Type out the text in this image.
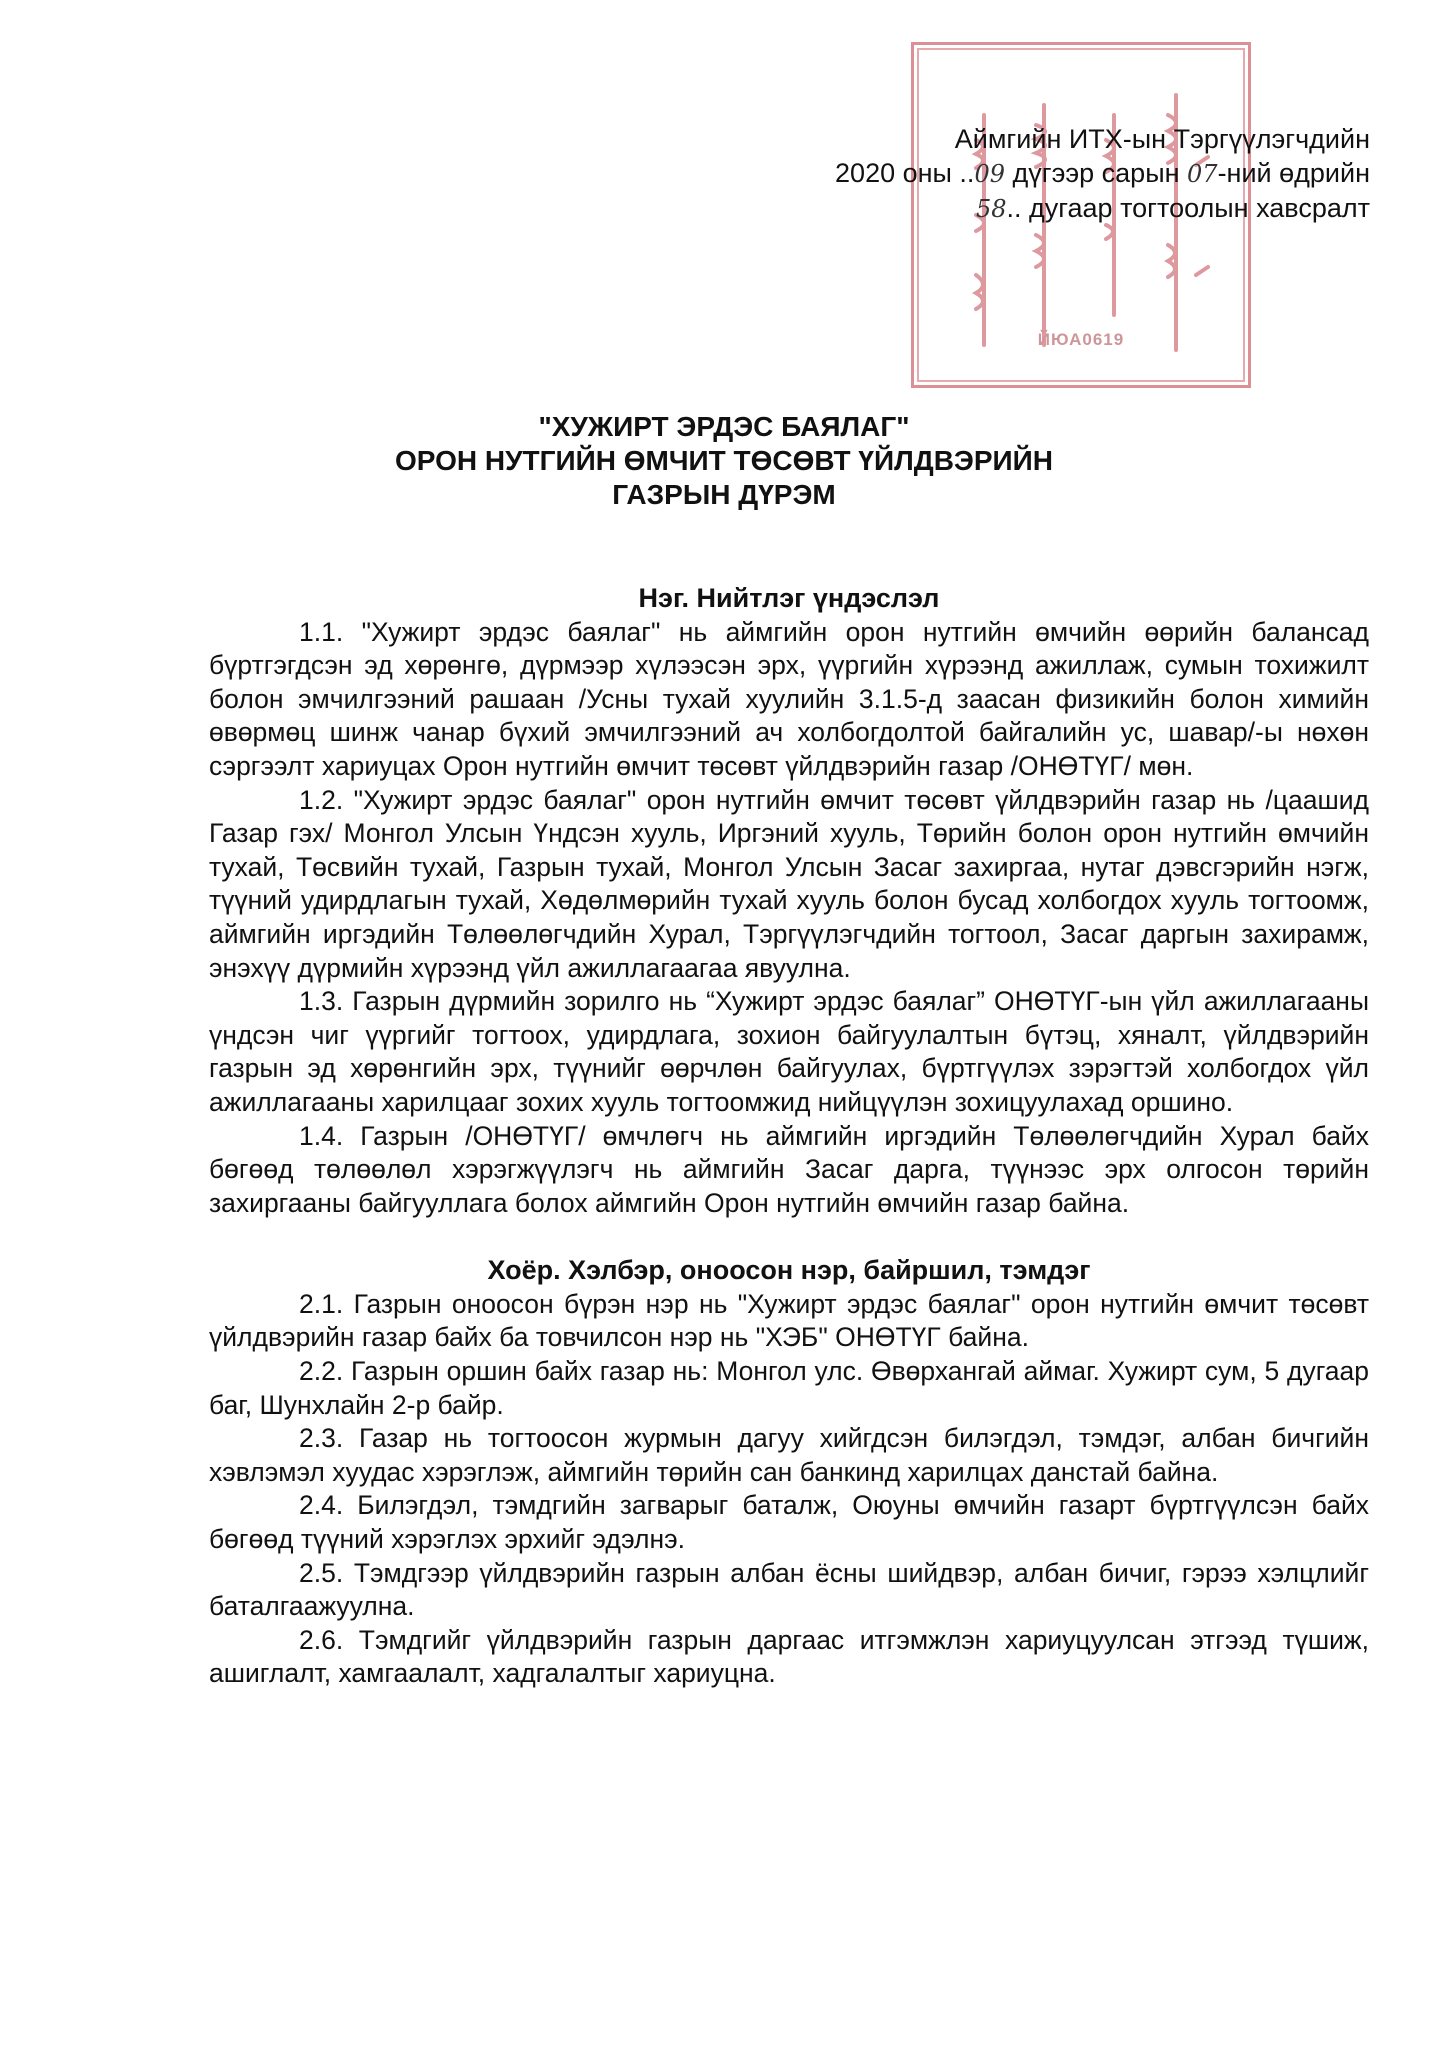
ЙЮА0619
Аймгийн ИТХ-ын Тэргүүлэгчдийн
2020 оны ..09 дүгээр сарын 07-ний өдрийн
58.. дугаар тогтоолын хавсралт
"ХУЖИРТ ЭРДЭС БАЯЛАГ"
ОРОН НУТГИЙН ӨМЧИТ ТӨСӨВТ ҮЙЛДВЭРИЙН
ГАЗРЫН ДҮРЭМ
Нэг. Нийтлэг үндэслэл

1.1. "Хужирт эрдэс баялаг" нь аймгийн орон нутгийн өмчийн өөрийн балансад бүртгэгдсэн эд хөрөнгө, дүрмээр хүлээсэн эрх, үүргийн хүрээнд ажиллаж, сумын тохижилт болон эмчилгээний рашаан /Усны тухай хуулийн 3.1.5-д заасан физикийн болон химийн өвөрмөц шинж чанар бүхий эмчилгээний ач холбогдолтой байгалийн ус, шавар/-ы нөхөн сэргээлт хариуцах Орон нутгийн өмчит төсөвт үйлдвэрийн газар /ОНӨТҮГ/ мөн.

1.2. "Хужирт эрдэс баялаг" орон нутгийн өмчит төсөвт үйлдвэрийн газар нь /цаашид Газар гэх/ Монгол Улсын Үндсэн хууль, Иргэний хууль, Төрийн болон орон нутгийн өмчийн тухай, Төсвийн тухай, Газрын тухай, Монгол Улсын Засаг захиргаа, нутаг дэвсгэрийн нэгж, түүний удирдлагын тухай, Хөдөлмөрийн тухай хууль болон бусад холбогдох хууль тогтоомж, аймгийн иргэдийн Төлөөлөгчдийн Хурал, Тэргүүлэгчдийн тогтоол, Засаг даргын захирамж, энэхүү дүрмийн хүрээнд үйл ажиллагаагаа явуулна.

1.3. Газрын дүрмийн зорилго нь “Хужирт эрдэс баялаг” ОНӨТҮГ-ын үйл ажиллагааны үндсэн чиг үүргийг тогтоох, удирдлага, зохион байгуулалтын бүтэц, хяналт, үйлдвэрийн газрын эд хөрөнгийн эрх, түүнийг өөрчлөн байгуулах, бүртгүүлэх зэрэгтэй холбогдох үйл ажиллагааны харилцааг зохих хууль тогтоомжид нийцүүлэн зохицуулахад оршино.

1.4. Газрын /ОНӨТҮГ/ өмчлөгч нь аймгийн иргэдийн Төлөөлөгчдийн Хурал байх бөгөөд төлөөлөл хэрэгжүүлэгч нь аймгийн Засаг дарга, түүнээс эрх олгосон төрийн захиргааны байгууллага болох аймгийн Орон нутгийн өмчийн газар байна.

Хоёр. Хэлбэр, оноосон нэр, байршил, тэмдэг

2.1. Газрын оноосон бүрэн нэр нь "Хужирт эрдэс баялаг" орон нутгийн өмчит төсөвт үйлдвэрийн газар байх ба товчилсон нэр нь "ХЭБ" ОНӨТҮГ байна.

2.2. Газрын оршин байх газар нь: Монгол улс. Өвөрхангай аймаг. Хужирт сум, 5 дугаар баг, Шунхлайн 2-р байр.

2.3. Газар нь тогтоосон журмын дагуу хийгдсэн билэгдэл, тэмдэг, албан бичгийн хэвлэмэл хуудас хэрэглэж, аймгийн төрийн сан банкинд харилцах данстай байна.

2.4. Билэгдэл, тэмдгийн загварыг баталж, Оюуны өмчийн газарт бүртгүүлсэн байх бөгөөд түүний хэрэглэх эрхийг эдэлнэ.

2.5. Тэмдгээр үйлдвэрийн газрын албан ёсны шийдвэр, албан бичиг, гэрээ хэлцлийг баталгаажуулна.

2.6. Тэмдгийг үйлдвэрийн газрын даргаас итгэмжлэн хариуцуулсан этгээд түшиж, ашиглалт, хамгаалалт, хадгалалтыг хариуцна.
